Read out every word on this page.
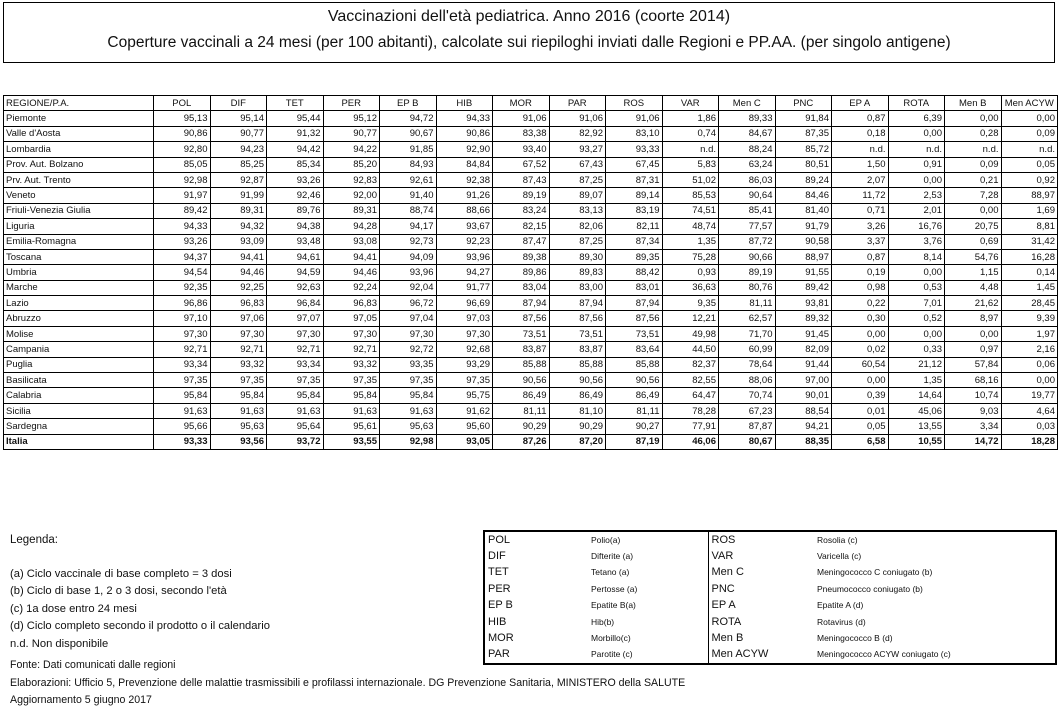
Vaccinazioni dell'età pediatrica. Anno 2016 (coorte 2014)
Coperture vaccinali a 24 mesi (per 100 abitanti), calcolate sui riepiloghi inviati dalle Regioni e PP.AA. (per singolo antigene)
REGIONE/P.A.	POL	DIF	TET	PER	EP B	HIB	MOR	PAR	ROS	VAR	Men C	PNC	EP A	ROTA	Men B	Men ACYW
Piemonte	95,13	95,14	95,44	95,12	94,72	94,33	91,06	91,06	91,06	1,86	89,33	91,84	0,87	6,39	0,00	0,00
Valle d'Aosta	90,86	90,77	91,32	90,77	90,67	90,86	83,38	82,92	83,10	0,74	84,67	87,35	0,18	0,00	0,28	0,09
Lombardia	92,80	94,23	94,42	94,22	91,85	92,90	93,40	93,27	93,33	n.d.	88,24	85,72	n.d.	n.d.	n.d.	n.d.
Prov. Aut. Bolzano	85,05	85,25	85,34	85,20	84,93	84,84	67,52	67,43	67,45	5,83	63,24	80,51	1,50	0,91	0,09	0,05
Prv. Aut. Trento	92,98	92,87	93,26	92,83	92,61	92,38	87,43	87,25	87,31	51,02	86,03	89,24	2,07	0,00	0,21	0,92
Veneto	91,97	91,99	92,46	92,00	91,40	91,26	89,19	89,07	89,14	85,53	90,64	84,46	11,72	2,53	7,28	88,97
Friuli-Venezia Giulia	89,42	89,31	89,76	89,31	88,74	88,66	83,24	83,13	83,19	74,51	85,41	81,40	0,71	2,01	0,00	1,69
Liguria	94,33	94,32	94,38	94,28	94,17	93,67	82,15	82,06	82,11	48,74	77,57	91,79	3,26	16,76	20,75	8,81
Emilia-Romagna	93,26	93,09	93,48	93,08	92,73	92,23	87,47	87,25	87,34	1,35	87,72	90,58	3,37	3,76	0,69	31,42
Toscana	94,37	94,41	94,61	94,41	94,09	93,96	89,38	89,30	89,35	75,28	90,66	88,97	0,87	8,14	54,76	16,28
Umbria	94,54	94,46	94,59	94,46	93,96	94,27	89,86	89,83	88,42	0,93	89,19	91,55	0,19	0,00	1,15	0,14
Marche	92,35	92,25	92,63	92,24	92,04	91,77	83,04	83,00	83,01	36,63	80,76	89,42	0,98	0,53	4,48	1,45
Lazio	96,86	96,83	96,84	96,83	96,72	96,69	87,94	87,94	87,94	9,35	81,11	93,81	0,22	7,01	21,62	28,45
Abruzzo	97,10	97,06	97,07	97,05	97,04	97,03	87,56	87,56	87,56	12,21	62,57	89,32	0,30	0,52	8,97	9,39
Molise	97,30	97,30	97,30	97,30	97,30	97,30	73,51	73,51	73,51	49,98	71,70	91,45	0,00	0,00	0,00	1,97
Campania	92,71	92,71	92,71	92,71	92,72	92,68	83,87	83,87	83,64	44,50	60,99	82,09	0,02	0,33	0,97	2,16
Puglia	93,34	93,32	93,34	93,32	93,35	93,29	85,88	85,88	85,88	82,37	78,64	91,44	60,54	21,12	57,84	0,06
Basilicata	97,35	97,35	97,35	97,35	97,35	97,35	90,56	90,56	90,56	82,55	88,06	97,00	0,00	1,35	68,16	0,00
Calabria	95,84	95,84	95,84	95,84	95,84	95,75	86,49	86,49	86,49	64,47	70,74	90,01	0,39	14,64	10,74	19,77
Sicilia	91,63	91,63	91,63	91,63	91,63	91,62	81,11	81,10	81,11	78,28	67,23	88,54	0,01	45,06	9,03	4,64
Sardegna	95,66	95,63	95,64	95,61	95,63	95,60	90,29	90,29	90,27	77,91	87,87	94,21	0,05	13,55	3,34	0,03
Italia	93,33	93,56	93,72	93,55	92,98	93,05	87,26	87,20	87,19	46,06	80,67	88,35	6,58	10,55	14,72	18,28
Legenda:
(a) Ciclo vaccinale di base completo = 3 dosi
(b) Ciclo di base 1, 2 o 3 dosi, secondo l'età
(c) 1a dose entro 24 mesi
(d) Ciclo completo secondo il prodotto o il calendario
n.d. Non disponibile
POL	Polio(a)	ROS	Rosolia (c)
DIF	Difterite (a)	VAR	Varicella (c)
TET	Tetano (a)	Men C	Meningococco C coniugato (b)
PER	Pertosse (a)	PNC	Pneumococco coniugato (b)
EP B	Epatite B(a)	EP A	Epatite A (d)
HIB	Hib(b)	ROTA	Rotavirus (d)
MOR	Morbillo(c)	Men B	Meningococco B (d)
PAR	Parotite (c)	Men ACYW	Meningococco ACYW coniugato (c)
Fonte: Dati comunicati dalle regioni
Elaborazioni: Ufficio 5, Prevenzione delle malattie trasmissibili e profilassi internazionale. DG Prevenzione Sanitaria, MINISTERO della SALUTE
Aggiornamento 5 giugno 2017
